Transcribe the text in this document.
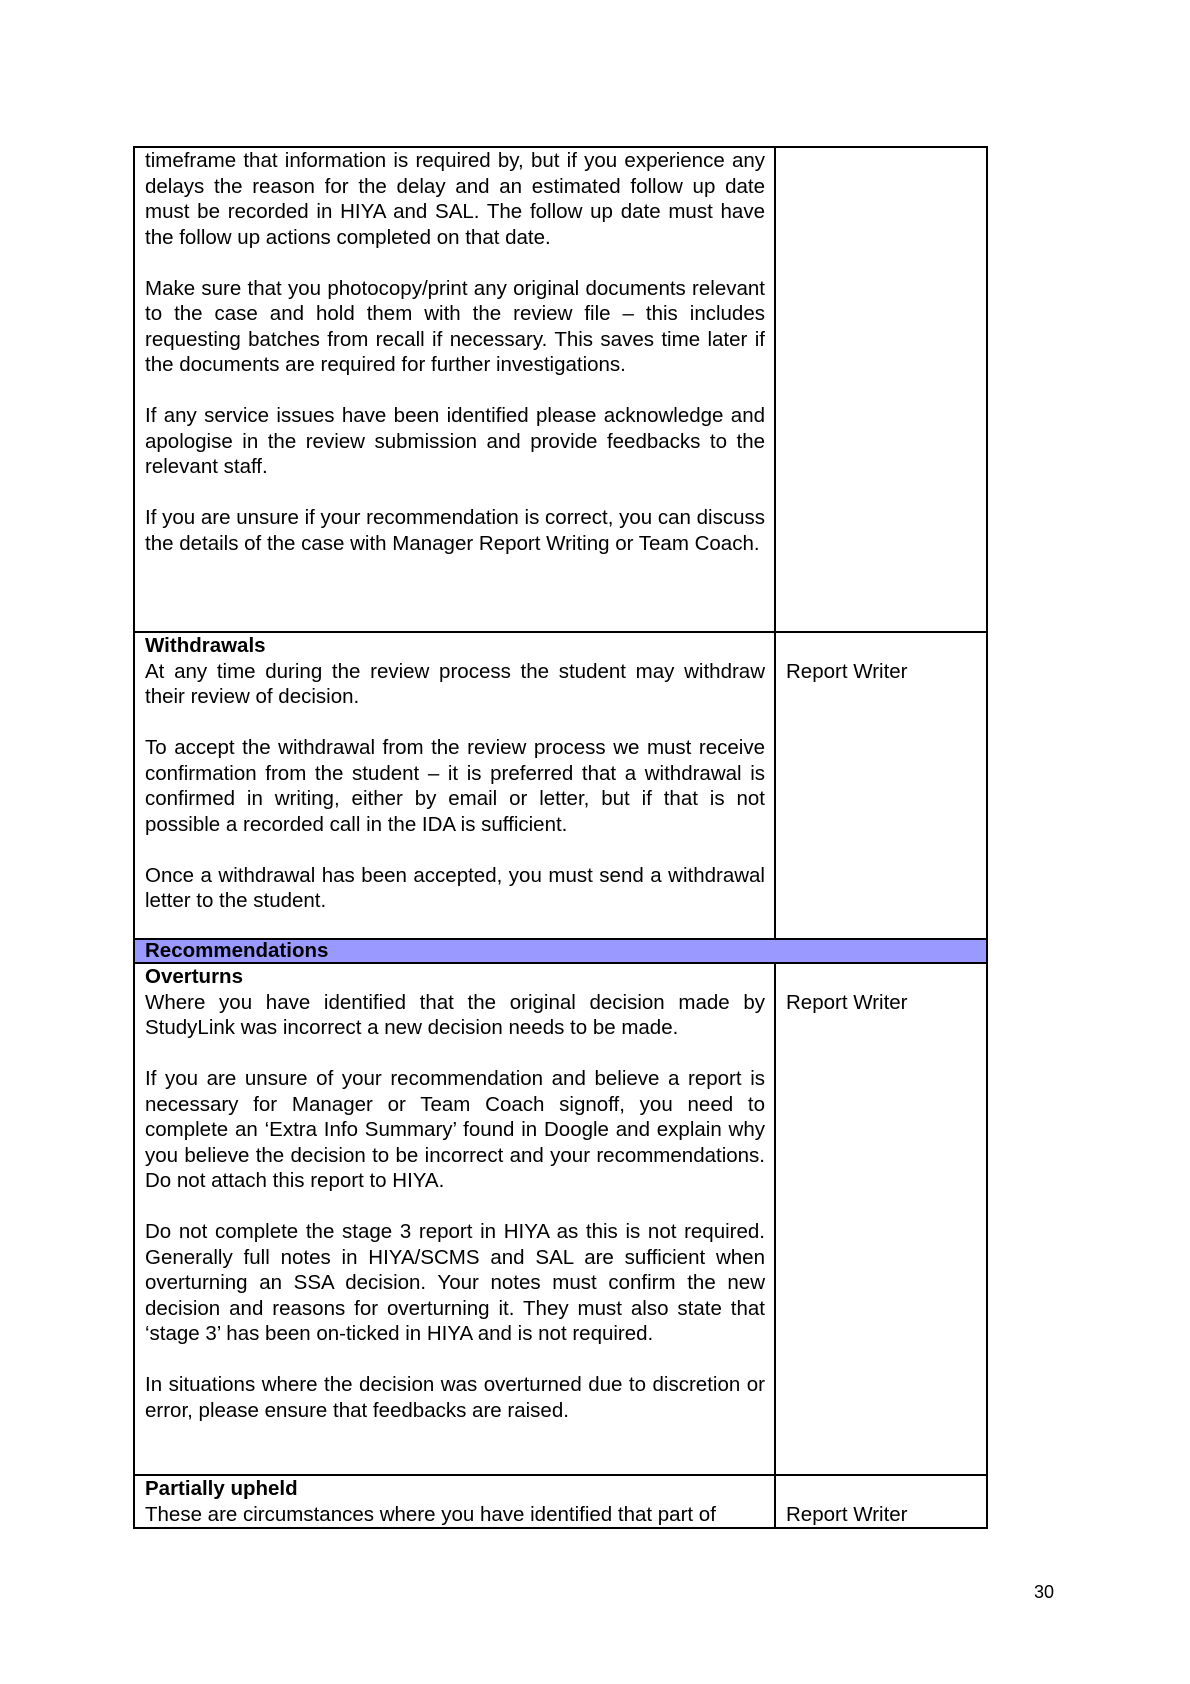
timeframe that information is required by, but if you experience any delays the reason for the delay and an estimated follow up date must be recorded in HIYA and SAL. The follow up date must have the follow up actions completed on that date.

Make sure that you photocopy/print any original documents relevant to the case and hold them with the review file – this includes requesting batches from recall if necessary. This saves time later if the documents are required for further investigations.

If any service issues have been identified please acknowledge and apologise in the review submission and provide feedbacks to the relevant staff.

If you are unsure if your recommendation is correct, you can discuss the details of the case with Manager Report Writing or Team Coach.	

Withdrawals

At any time during the review process the student may withdraw their review of decision.

To accept the withdrawal from the review process we must receive confirmation from the student – it is preferred that a withdrawal is confirmed in writing, either by email or letter, but if that is not possible a recorded call in the IDA is sufficient.

Once a withdrawal has been accepted, you must send a withdrawal letter to the student.	Report Writer

Recommendations	

Overturns

Where you have identified that the original decision made by StudyLink was incorrect a new decision needs to be made.

If you are unsure of your recommendation and believe a report is necessary for Manager or Team Coach signoff, you need to complete an ‘Extra Info Summary’ found in Doogle and explain why you believe the decision to be incorrect and your recommendations. Do not attach this report to HIYA.

Do not complete the stage 3 report in HIYA as this is not required. Generally full notes in HIYA/SCMS and SAL are sufficient when overturning an SSA decision. Your notes must confirm the new decision and reasons for overturning it. They must also state that ‘stage 3’ has been on-ticked in HIYA and is not required.

In situations where the decision was overturned due to discretion or error, please ensure that feedbacks are raised.	Report Writer

Partially upheld

These are circumstances where you have identified that part of	Report Writer
30
